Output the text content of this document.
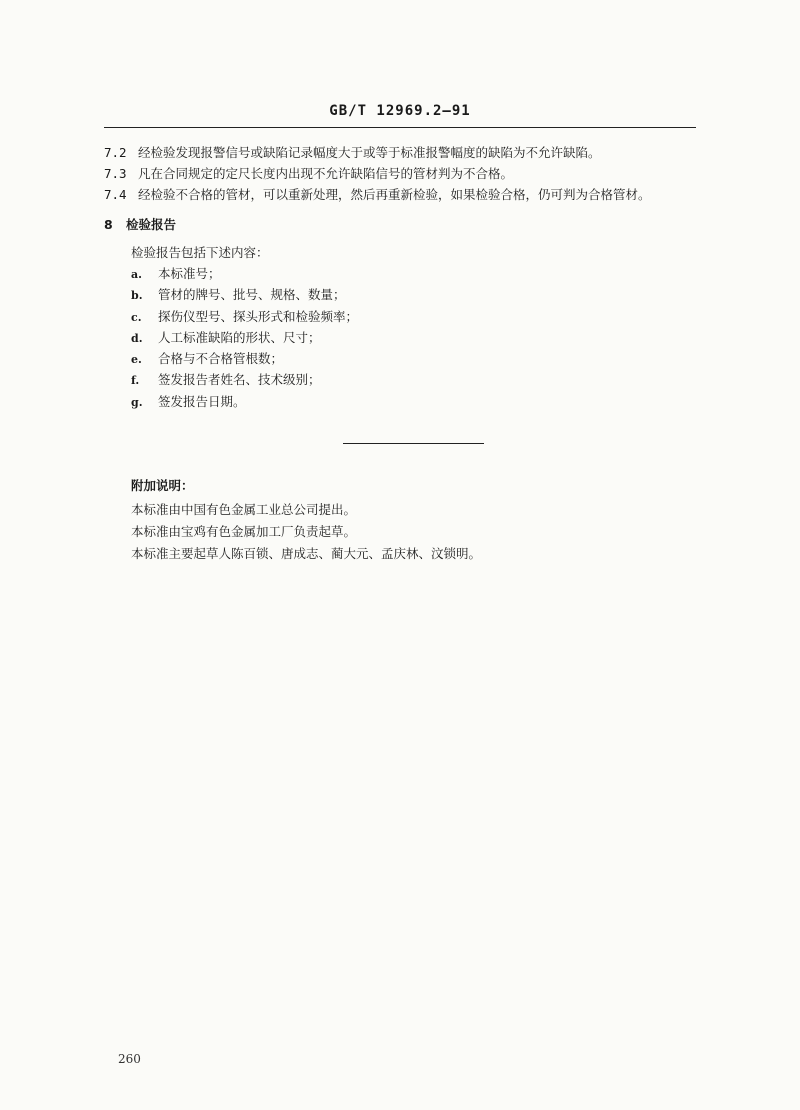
GB/T 12969.2—91
7.2 经检验发现报警信号或缺陷记录幅度大于或等于标准报警幅度的缺陷为不允许缺陷。
7.3 凡在合同规定的定尺长度内出现不允许缺陷信号的管材判为不合格。
7.4 经检验不合格的管材，可以重新处理，然后再重新检验，如果检验合格，仍可判为合格管材。
8 检验报告
检验报告包括下述内容：
a. 本标准号；
b. 管材的牌号、批号、规格、数量；
c. 探伤仪型号、探头形式和检验频率；
d. 人工标准缺陷的形状、尺寸；
e. 合格与不合格管根数；
f. 签发报告者姓名、技术级别；
g. 签发报告日期。
附加说明：
本标准由中国有色金属工业总公司提出。
本标准由宝鸡有色金属加工厂负责起草。
本标准主要起草人陈百锁、唐成志、蔺大元、孟庆林、汶锁明。
260
